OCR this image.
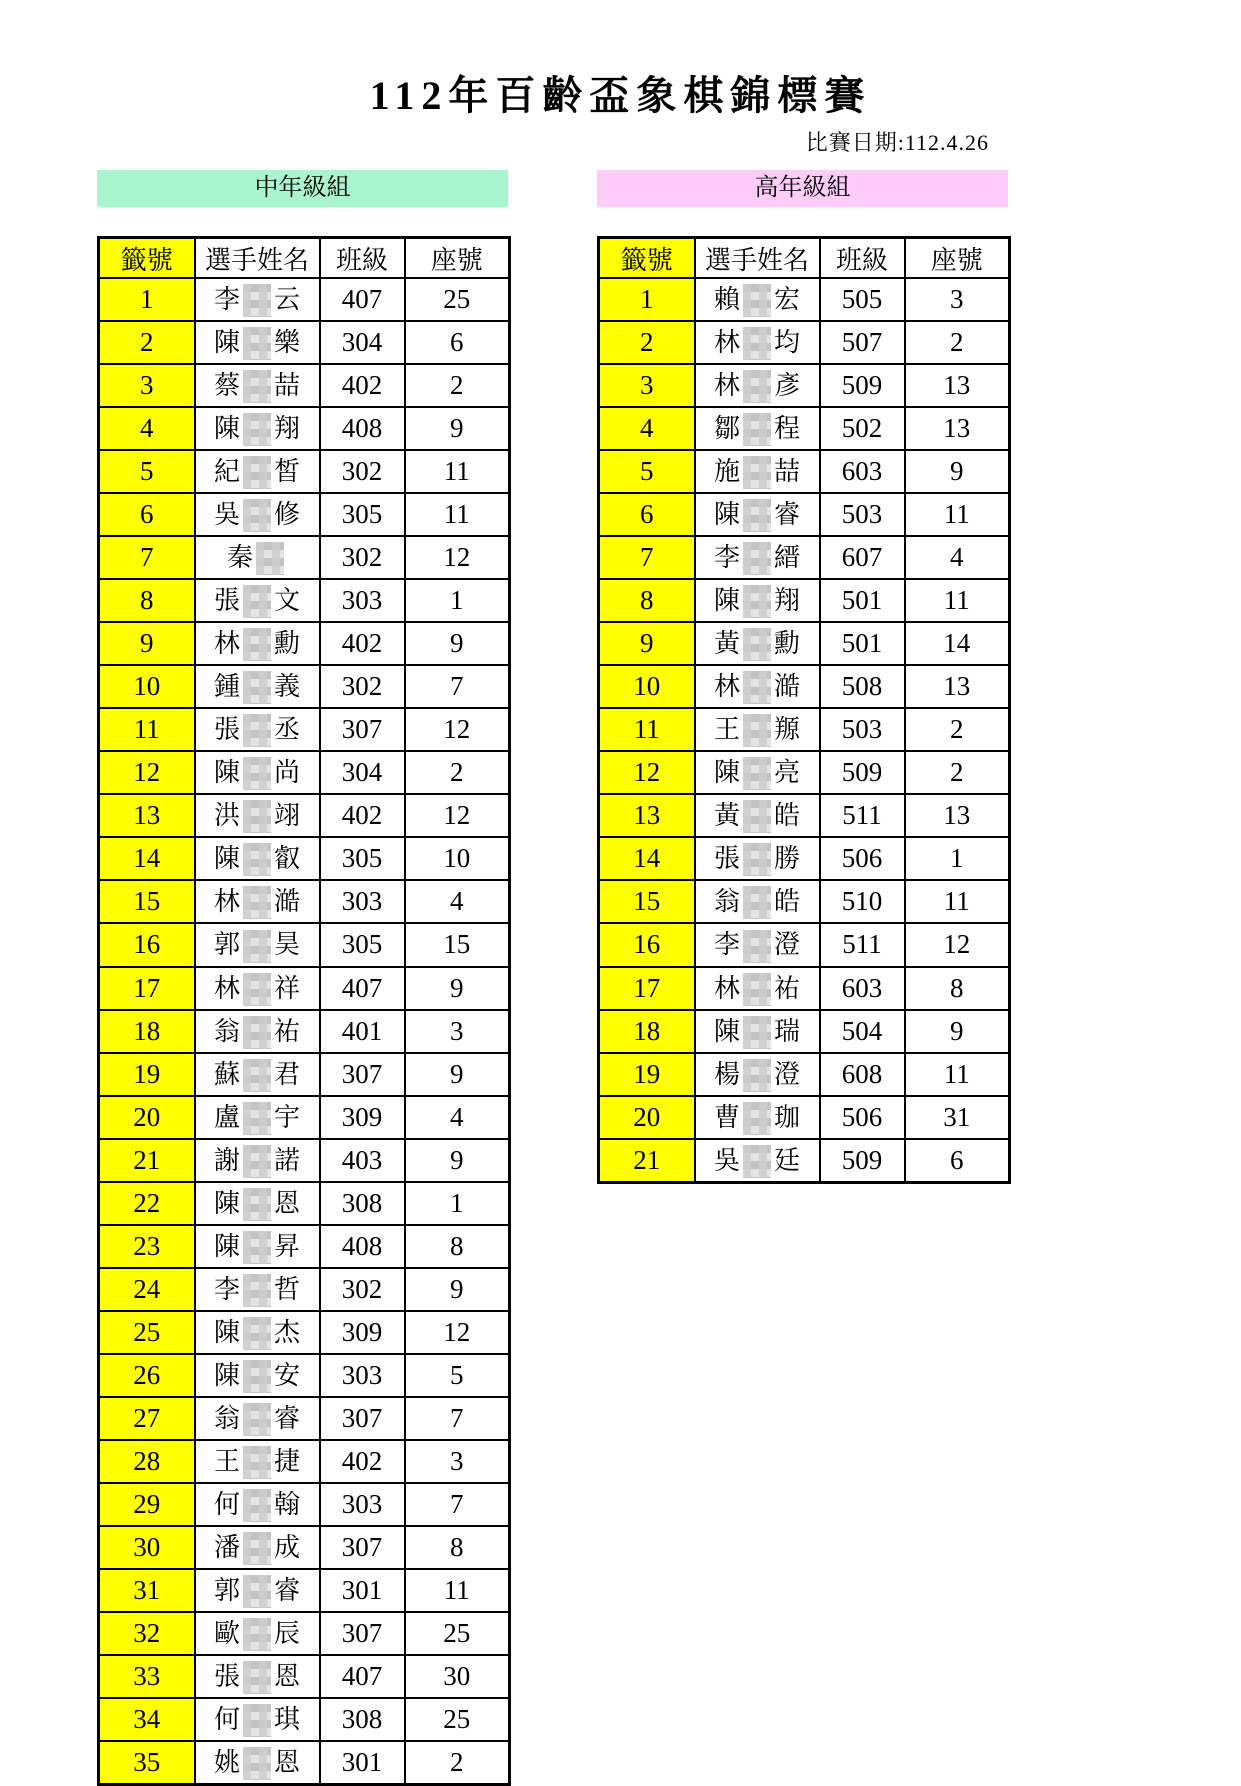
112年百齡盃象棋錦標賽
比賽日期:112.4.26
中年級組	高年級組
籤號	選手姓名	班級	座號
1	李 云	407	25
2	陳 樂	304	6
3	蔡 喆	402	2
4	陳 翔	408	9
5	紀 皙	302	11
6	吳 修	305	11
7	秦	302	12
8	張 文	303	1
9	林 勳	402	9
10	鍾 義	302	7
11	張 丞	307	12
12	陳 尚	304	2
13	洪 翊	402	12
14	陳 叡	305	10
15	林 澔	303	4
16	郭 昊	305	15
17	林 祥	407	9
18	翁 祐	401	3
19	蘇 君	307	9
20	盧 宇	309	4
21	謝 諾	403	9
22	陳 恩	308	1
23	陳 昇	408	8
24	李 哲	302	9
25	陳 杰	309	12
26	陳 安	303	5
27	翁 睿	307	7
28	王 捷	402	3
29	何 翰	303	7
30	潘 成	307	8
31	郭 睿	301	11
32	歐 辰	307	25
33	張 恩	407	30
34	何 琪	308	25
35	姚 恩	301	2
籤號	選手姓名	班級	座號
1	賴 宏	505	3
2	林 均	507	2
3	林 彥	509	13
4	鄒 程	502	13
5	施 喆	603	9
6	陳 睿	503	11
7	李 縉	607	4
8	陳 翔	501	11
9	黃 勳	501	14
10	林 澔	508	13
11	王 羱	503	2
12	陳 亮	509	2
13	黃 皓	511	13
14	張 勝	506	1
15	翁 皓	510	11
16	李 澄	511	12
17	林 祐	603	8
18	陳 瑞	504	9
19	楊 澄	608	11
20	曹 珈	506	31
21	吳 廷	509	6
